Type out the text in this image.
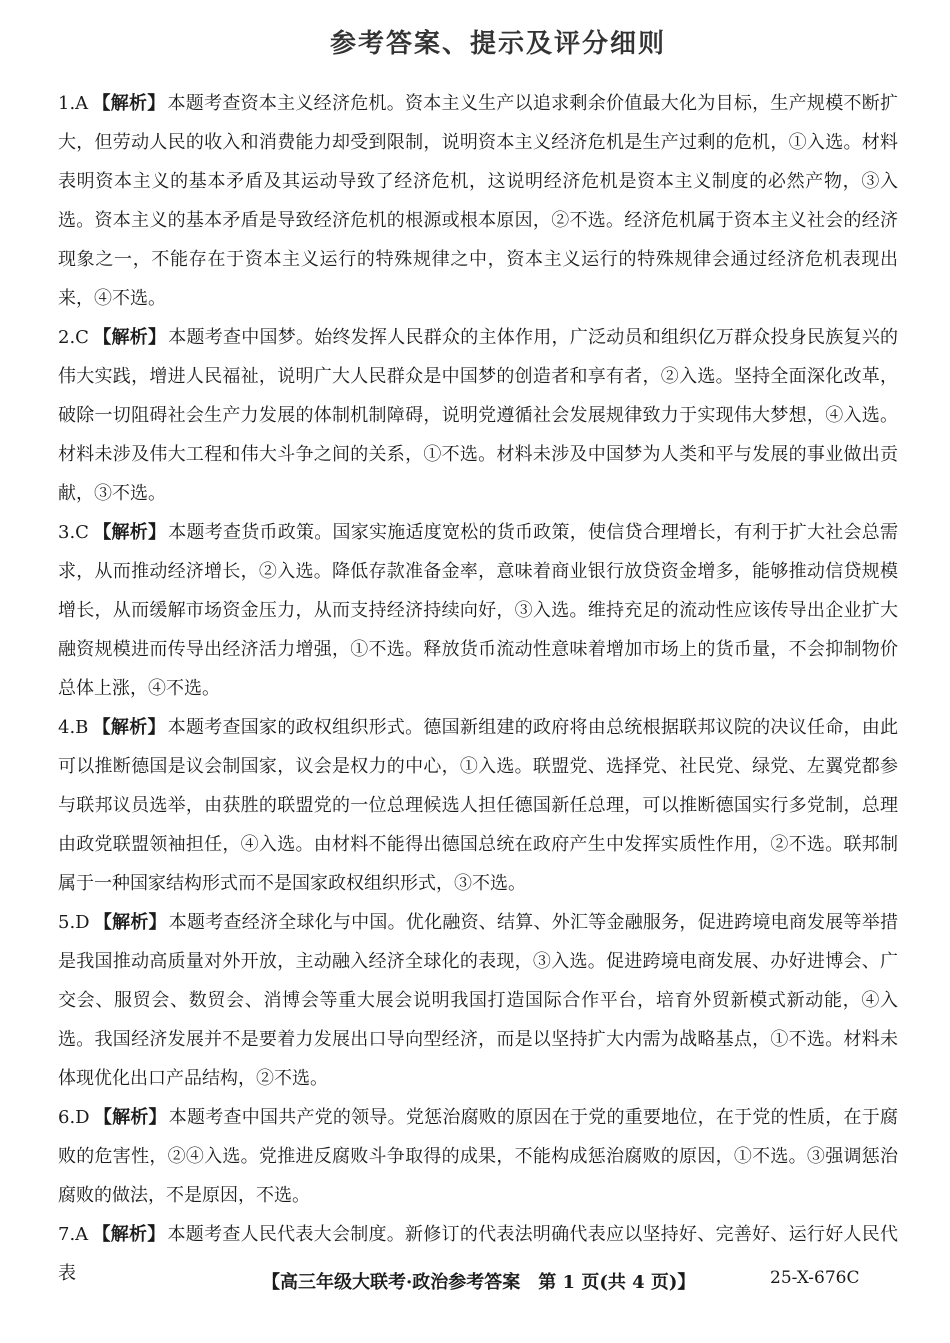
参考答案、提示及评分细则

1.A 【解析】 本题考查资本主义经济危机。资本主义生产以追求剩余价值最大化为目标，生产规模不断扩大，但劳动人民的收入和消费能力却受到限制，说明资本主义经济危机是生产过剩的危机，①入选。材料表明资本主义的基本矛盾及其运动导致了经济危机，这说明经济危机是资本主义制度的必然产物，③入选。资本主义的基本矛盾是导致经济危机的根源或根本原因，②不选。经济危机属于资本主义社会的经济现象之一，不能存在于资本主义运行的特殊规律之中，资本主义运行的特殊规律会通过经济危机表现出来，④不选。

2.C 【解析】 本题考查中国梦。始终发挥人民群众的主体作用，广泛动员和组织亿万群众投身民族复兴的伟大实践，增进人民福祉，说明广大人民群众是中国梦的创造者和享有者，②入选。坚持全面深化改革，破除一切阻碍社会生产力发展的体制机制障碍，说明党遵循社会发展规律致力于实现伟大梦想，④入选。材料未涉及伟大工程和伟大斗争之间的关系，①不选。材料未涉及中国梦为人类和平与发展的事业做出贡献，③不选。

3.C 【解析】 本题考查货币政策。国家实施适度宽松的货币政策，使信贷合理增长，有利于扩大社会总需求，从而推动经济增长，②入选。降低存款准备金率，意味着商业银行放贷资金增多，能够推动信贷规模增长，从而缓解市场资金压力，从而支持经济持续向好，③入选。维持充足的流动性应该传导出企业扩大融资规模进而传导出经济活力增强，①不选。释放货币流动性意味着增加市场上的货币量，不会抑制物价总体上涨，④不选。

4.B 【解析】 本题考查国家的政权组织形式。德国新组建的政府将由总统根据联邦议院的决议任命，由此可以推断德国是议会制国家，议会是权力的中心，①入选。联盟党、选择党、社民党、绿党、左翼党都参与联邦议员选举，由获胜的联盟党的一位总理候选人担任德国新任总理，可以推断德国实行多党制，总理由政党联盟领袖担任，④入选。由材料不能得出德国总统在政府产生中发挥实质性作用，②不选。联邦制属于一种国家结构形式而不是国家政权组织形式，③不选。

5.D 【解析】 本题考查经济全球化与中国。优化融资、结算、外汇等金融服务，促进跨境电商发展等举措是我国推动高质量对外开放，主动融入经济全球化的表现，③入选。促进跨境电商发展、办好进博会、广交会、服贸会、数贸会、消博会等重大展会说明我国打造国际合作平台，培育外贸新模式新动能，④入选。我国经济发展并不是要着力发展出口导向型经济，而是以坚持扩大内需为战略基点，①不选。材料未体现优化出口产品结构，②不选。

6.D 【解析】 本题考查中国共产党的领导。党惩治腐败的原因在于党的重要地位，在于党的性质，在于腐败的危害性，②④入选。党推进反腐败斗争取得的成果，不能构成惩治腐败的原因，①不选。③强调惩治腐败的做法，不是原因，不选。

7.A 【解析】 本题考查人民代表大会制度。新修订的代表法明确代表应以坚持好、完善好、运行好人民代表	【高三年级大联考·政治参考答案　第 1 页(共 4 页)】	25-X-676C
